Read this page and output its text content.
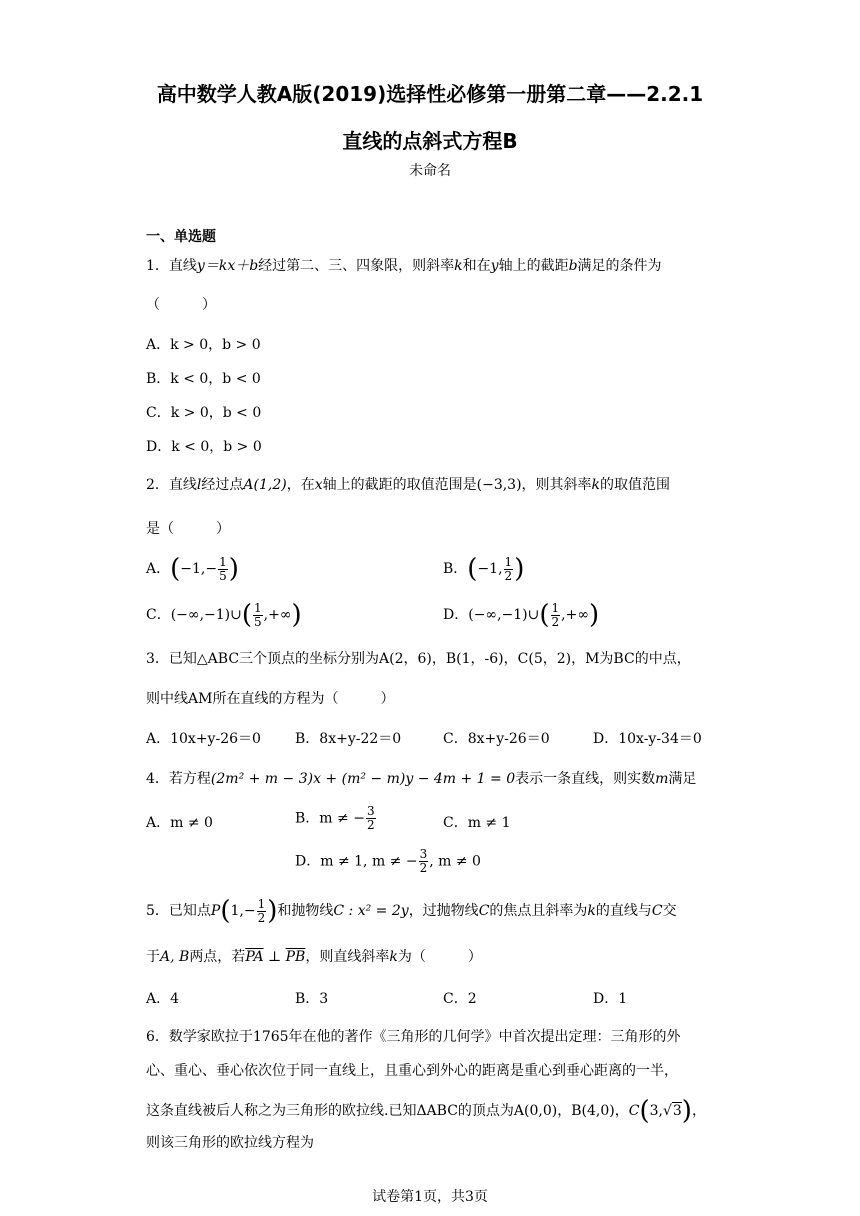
高中数学人教A版(2019)选择性必修第一册第二章——2.2.1
直线的点斜式方程B
未命名
一、单选题
1．直线y＝kx＋b经过第二、三、四象限，则斜率k和在y轴上的截距b满足的条件为
（　　　）
A．k > 0，b > 0
B．k < 0，b < 0
C．k > 0，b < 0
D．k < 0，b > 0
2．直线l经过点A(1,2)，在x轴上的截距的取值范围是(−3,3)，则其斜率k的取值范围
是（　　　）
A．($-1,- \frac{1}{5}$ )	B．(−1, $\frac{1}{2}$ )
C．(−∞,−1)∪( $\frac{1}{5}$ ,+∞)	D．(−∞,−1)∪( $\frac{1}{2}$ ,+∞)
3．已知△ABC三个顶点的坐标分别为A(2，6)，B(1，-6)，C(5，2)，M为BC的中点，
则中线AM所在直线的方程为（　　　）
A．10x+y-26＝0 B．8x+y-22＝0	C．8x+y-26＝0	D．10x-y-34＝0
4．若方程(2m² + m − 3)x + (m² − m)y − 4m + 1 = 0表示一条直线，则实数m满足
A．m ≠ 0	B．m ≠ − $\frac{3}{2}$	C．m ≠ 1
D．m ≠ 1, m ≠ − $\frac{3}{2}$ , m ≠ 0
5．已知点$P(1,- \frac{1}{2}$ )和抛物线C : x² = 2y，过抛物线C的焦点且斜率为k的直线与C交
于A, B两点，若$\overline{PA}$ ⊥ $\overline{PB}$，则直线斜率k为（　　　）
A．4	B．3	C．2	D．1
6．数学家欧拉于1765年在他的著作《三角形的几何学》中首次提出定理：三角形的外
心、重心、垂心依次位于同一直线上，且重心到外心的距离是重心到垂心距离的一半，
这条直线被后人称之为三角形的欧拉线.已知ΔABC的顶点为A(0,0)，B(4,0)，C(3,√3)，
则该三角形的欧拉线方程为
试卷第1页，共3页
